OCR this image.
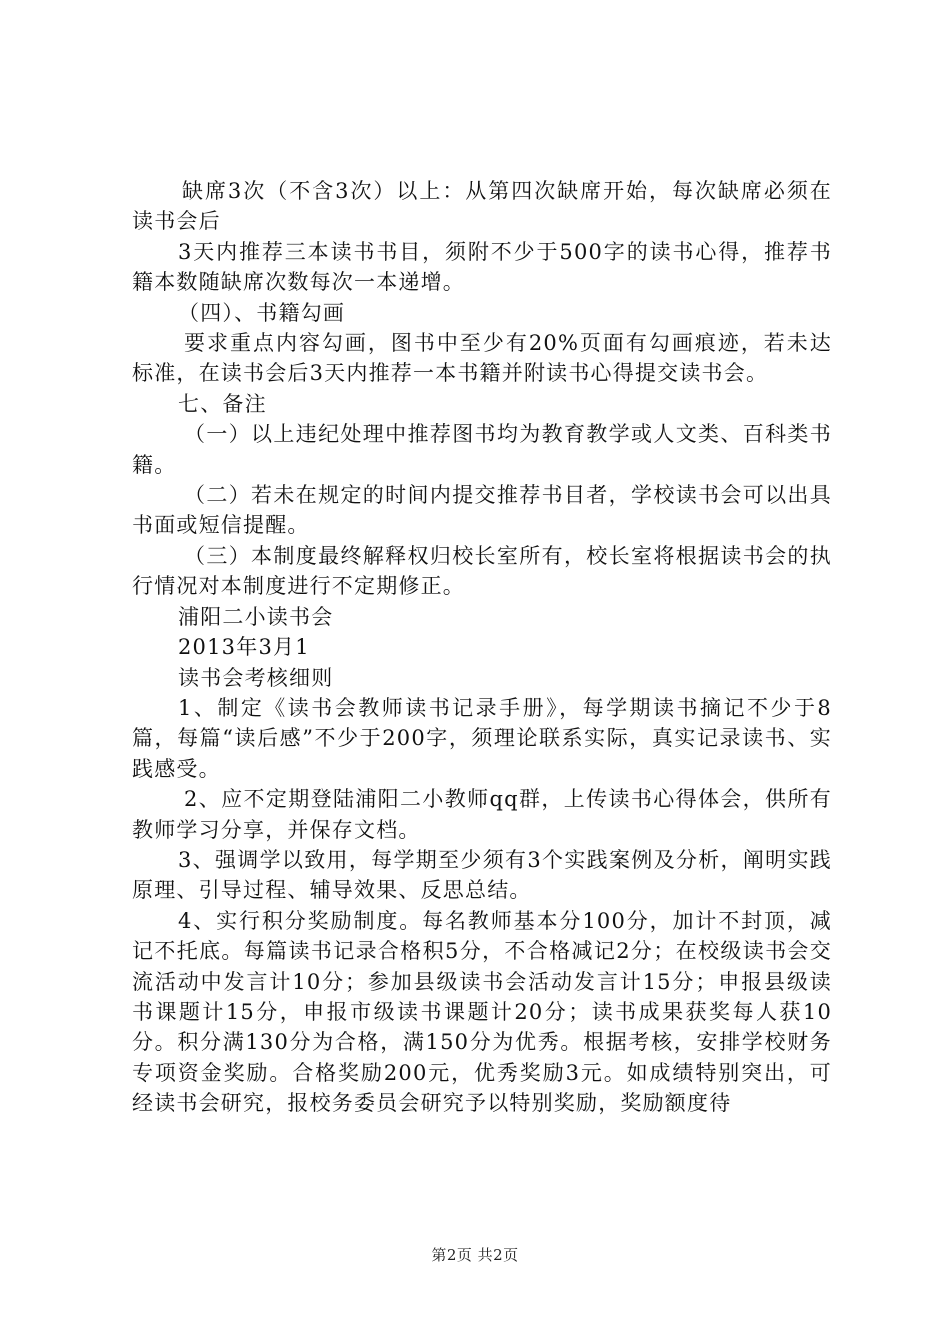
缺席3次（不含3次）以上：从第四次缺席开始，每次缺席必须在读书会后

3天内推荐三本读书书目，须附不少于500字的读书心得，推荐书籍本数随缺席次数每次一本递增。

（四）、书籍勾画

要求重点内容勾画，图书中至少有20%页面有勾画痕迹，若未达标准，在读书会后3天内推荐一本书籍并附读书心得提交读书会。

七、备注

（一）以上违纪处理中推荐图书均为教育教学或人文类、百科类书籍。

（二）若未在规定的时间内提交推荐书目者，学校读书会可以出具书面或短信提醒。

（三）本制度最终解释权归校长室所有，校长室将根据读书会的执行情况对本制度进行不定期修正。

浦阳二小读书会

2013年3月1

读书会考核细则

1、制定《读书会教师读书记录手册》，每学期读书摘记不少于8篇，每篇“读后感”不少于200字，须理论联系实际，真实记录读书、实践感受。

2、应不定期登陆浦阳二小教师qq群，上传读书心得体会，供所有教师学习分享，并保存文档。

3、强调学以致用，每学期至少须有3个实践案例及分析，阐明实践原理、引导过程、辅导效果、反思总结。

4、实行积分奖励制度。每名教师基本分100分，加计不封顶，减记不托底。每篇读书记录合格积5分，不合格减记2分；在校级读书会交流活动中发言计10分；参加县级读书会活动发言计15分；申报县级读书课题计15分，申报市级读书课题计20分；读书成果获奖每人获10分。积分满130分为合格，满150分为优秀。根据考核，安排学校财务专项资金奖励。合格奖励200元，优秀奖励3元。如成绩特别突出，可经读书会研究，报校务委员会研究予以特别奖励，奖励额度待

第2页 共2页
